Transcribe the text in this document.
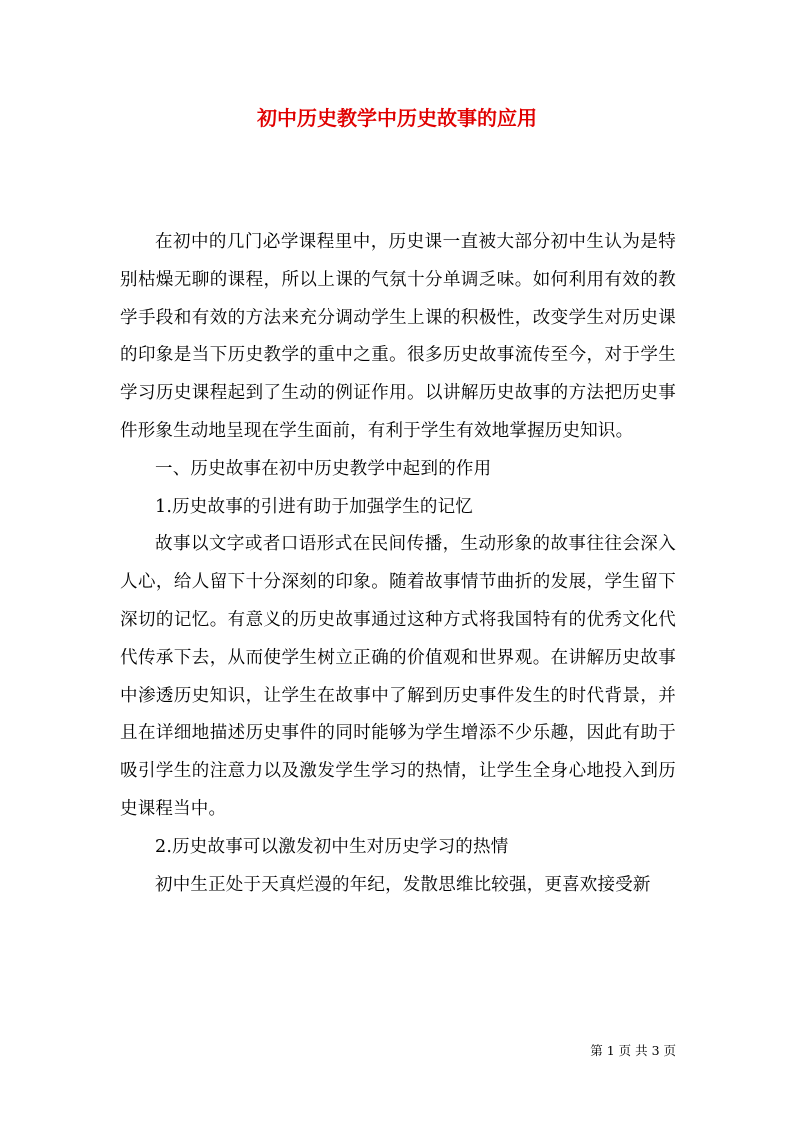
初中历史教学中历史故事的应用

在初中的几门必学课程里中，历史课一直被大部分初中生认为是特别枯燥无聊的课程，所以上课的气氛十分单调乏味。如何利用有效的教学手段和有效的方法来充分调动学生上课的积极性，改变学生对历史课的印象是当下历史教学的重中之重。很多历史故事流传至今，对于学生学习历史课程起到了生动的例证作用。以讲解历史故事的方法把历史事件形象生动地呈现在学生面前，有利于学生有效地掌握历史知识。

一、历史故事在初中历史教学中起到的作用

1.历史故事的引进有助于加强学生的记忆

故事以文字或者口语形式在民间传播，生动形象的故事往往会深入人心，给人留下十分深刻的印象。随着故事情节曲折的发展，学生留下深切的记忆。有意义的历史故事通过这种方式将我国特有的优秀文化代代传承下去，从而使学生树立正确的价值观和世界观。在讲解历史故事中渗透历史知识，让学生在故事中了解到历史事件发生的时代背景，并且在详细地描述历史事件的同时能够为学生增添不少乐趣，因此有助于吸引学生的注意力以及激发学生学习的热情，让学生全身心地投入到历史课程当中。

2.历史故事可以激发初中生对历史学习的热情

初中生正处于天真烂漫的年纪，发散思维比较强，更喜欢接受新

第 1 页 共 3 页
